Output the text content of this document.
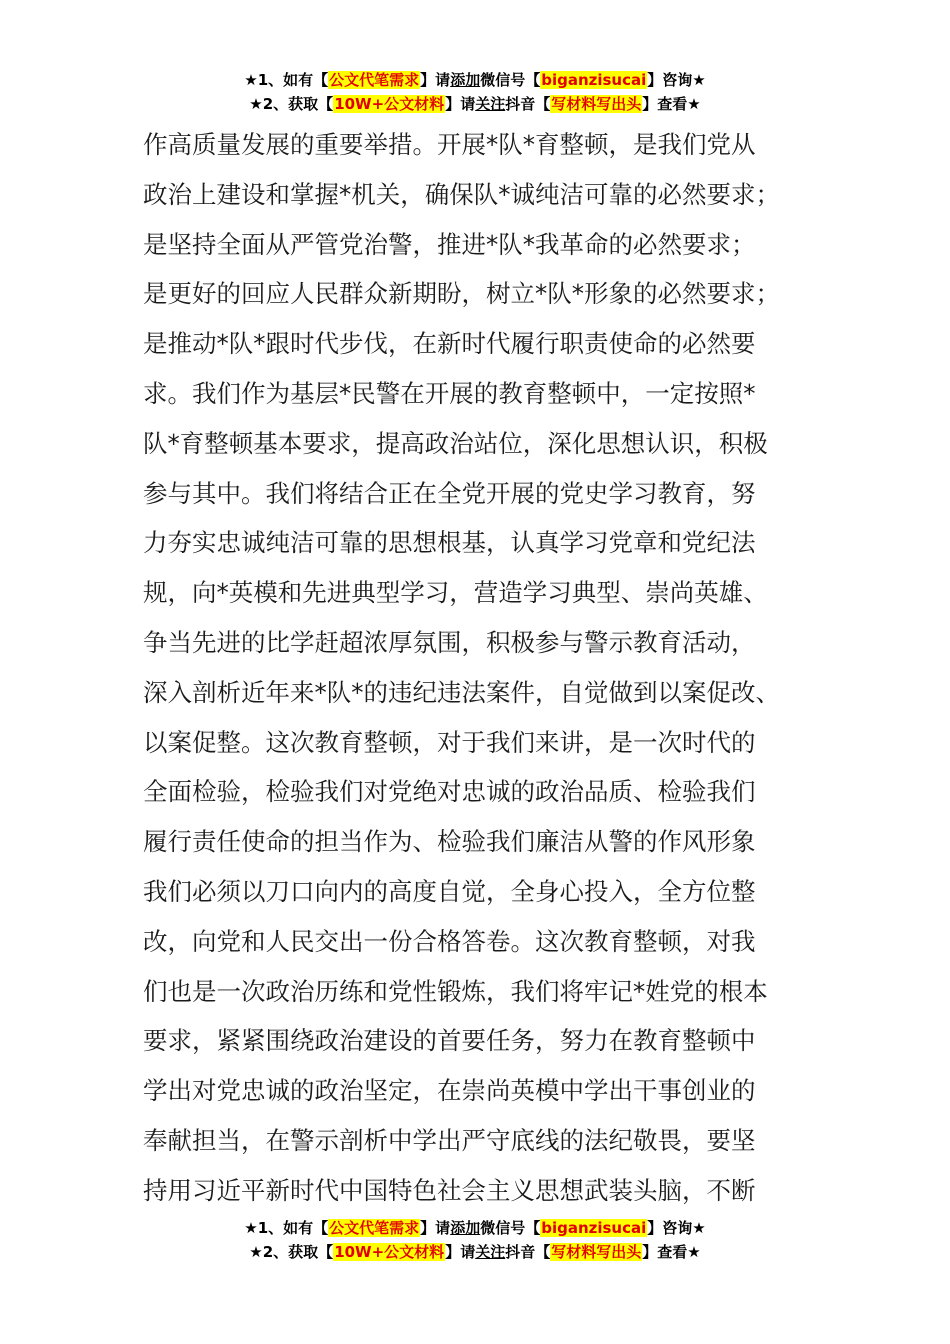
★1、如有【公文代笔需求】请添加微信号【biganzisucai】咨询★
★2、获取【10W+公文材料】请关注抖音【写材料写出头】查看★
作高质量发展的重要举措。开展*队*育整顿，是我们党从
政治上建设和掌握*机关，确保队*诚纯洁可靠的必然要求；
是坚持全面从严管党治警，推进*队*我革命的必然要求；
是更好的回应人民群众新期盼，树立*队*形象的必然要求；
是推动*队*跟时代步伐，在新时代履行职责使命的必然要
求。我们作为基层*民警在开展的教育整顿中，一定按照*
队*育整顿基本要求，提高政治站位，深化思想认识，积极
参与其中。我们将结合正在全党开展的党史学习教育，努
力夯实忠诚纯洁可靠的思想根基，认真学习党章和党纪法
规，向*英模和先进典型学习，营造学习典型、崇尚英雄、
争当先进的比学赶超浓厚氛围，积极参与警示教育活动，
深入剖析近年来*队*的违纪违法案件，自觉做到以案促改、
以案促整。这次教育整顿，对于我们来讲，是一次时代的
全面检验，检验我们对党绝对忠诚的政治品质、检验我们
履行责任使命的担当作为、检验我们廉洁从警的作风形象
我们必须以刀口向内的高度自觉，全身心投入，全方位整
改，向党和人民交出一份合格答卷。这次教育整顿，对我
们也是一次政治历练和党性锻炼，我们将牢记*姓党的根本
要求，紧紧围绕政治建设的首要任务，努力在教育整顿中
学出对党忠诚的政治坚定，在崇尚英模中学出干事创业的
奉献担当，在警示剖析中学出严守底线的法纪敬畏，要坚
持用习近平新时代中国特色社会主义思想武装头脑，不断
★1、如有【公文代笔需求】请添加微信号【biganzisucai】咨询★
★2、获取【10W+公文材料】请关注抖音【写材料写出头】查看★
